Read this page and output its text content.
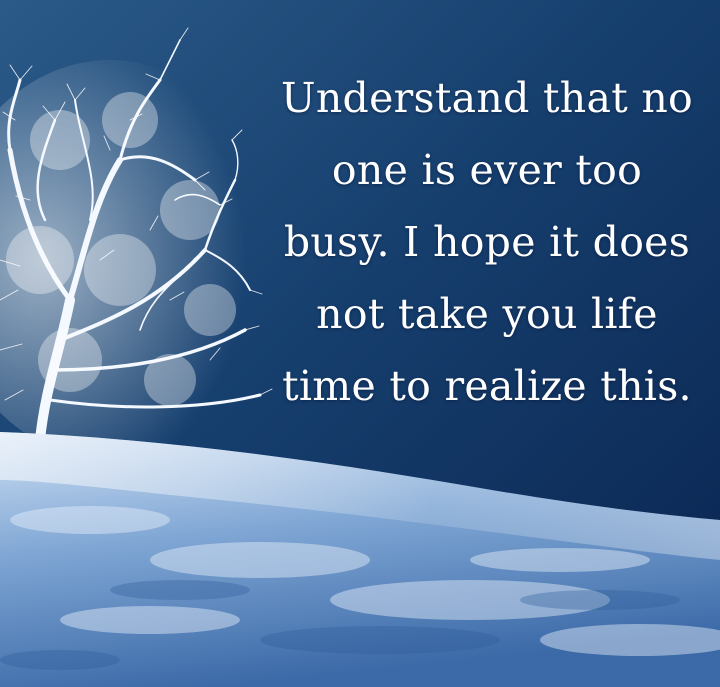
Understand that no
one is ever too
busy. I hope it does
not take you life
time to realize this.
